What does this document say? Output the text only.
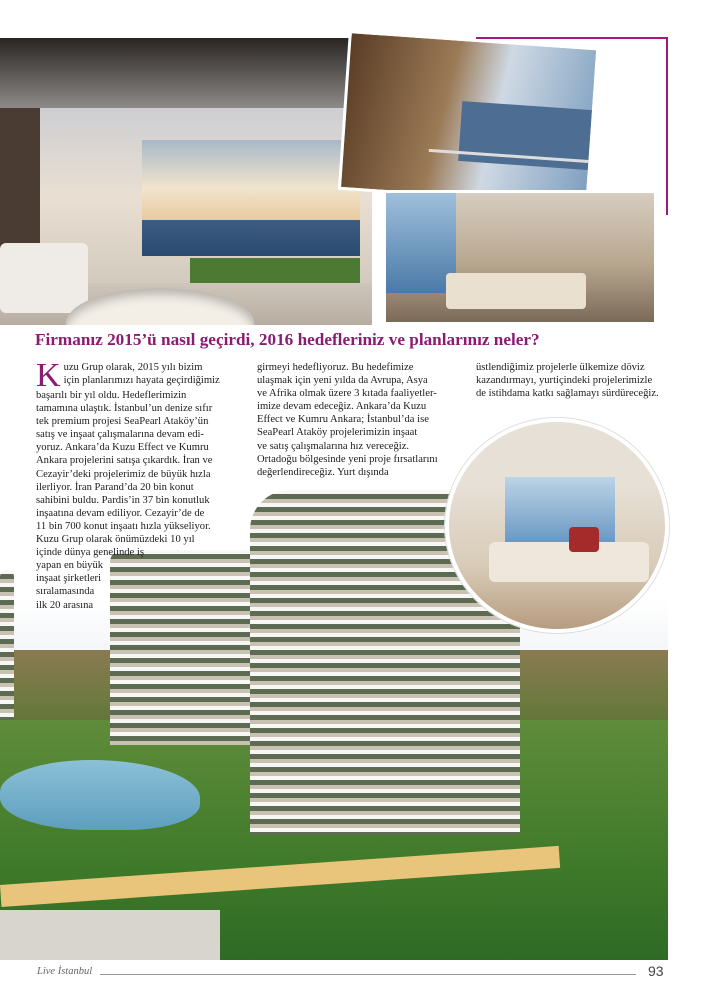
Firmanız 2015’ü nasıl geçirdi, 2016 hedefleriniz ve planlarınız neler?
K uzu Grup olarak, 2015 yılı bizim

için planlarımızı hayata geçirdiğimiz

başarılı bir yıl oldu. Hedeflerimizin

tamamına ulaştık. İstanbul’un denize sıfır

tek premium projesi SeaPearl Ataköy’ün

satış ve inşaat çalışmalarına devam edi-

yoruz. Ankara’da Kuzu Effect ve Kumru

Ankara projelerini satışa çıkardık. İran ve

Cezayir’deki projelerimiz de büyük hızla

ilerliyor. İran Parand’da 20 bin konut

sahibini buldu. Pardis’in 37 bin konutluk

inşaatına devam ediliyor. Cezayir’de de

11 bin 700 konut inşaatı hızla yükseliyor.

Kuzu Grup olarak önümüzdeki 10 yıl

içinde dünya genelinde iş

yapan en büyük

inşaat şirketleri

sıralamasında

ilk 20 arasına

girmeyi hedefliyoruz. Bu hedefimize

ulaşmak için yeni yılda da Avrupa, Asya

ve Afrika olmak üzere 3 kıtada faaliyetler-

imize devam edeceğiz. Ankara’da Kuzu

Effect ve Kumru Ankara; İstanbul’da ise

SeaPearl Ataköy projelerimizin inşaat

ve satış çalışmalarına hız vereceğiz.

Ortadoğu bölgesinde yeni proje fırsatlarını

değerlendireceğiz. Yurt dışında

üstlendiğimiz projelerle ülkemize döviz

kazandırmayı, yurtiçindeki projelerimizle

de istihdama katkı sağlamayı sürdüreceğiz.

Live İstanbul	93
